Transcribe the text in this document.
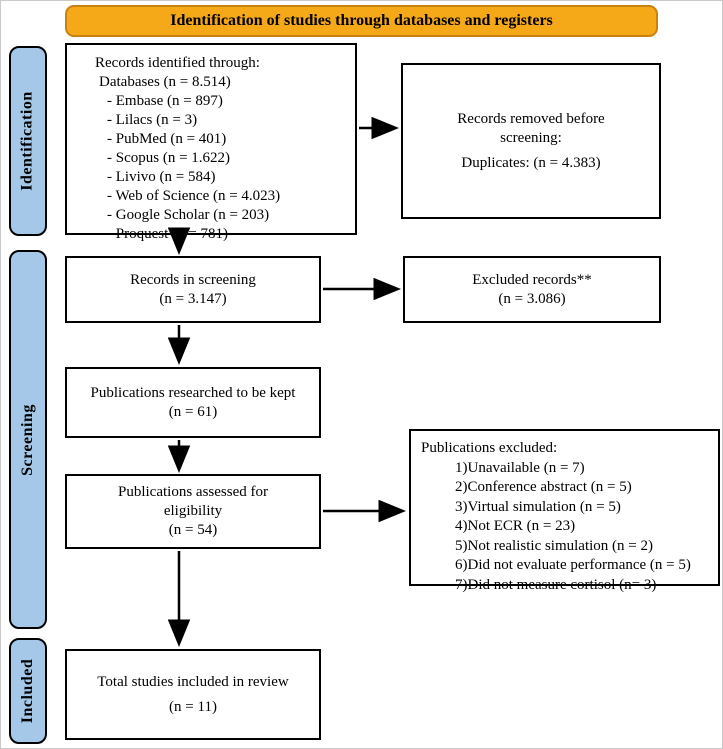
Identification of studies through databases and registers
Identification
Screening
Included
Records identified through:
Databases (n = 8.514)
- Embase (n = 897)
- Lilacs (n = 3)
- PubMed (n = 401)
- Scopus (n = 1.622)
- Livivo (n = 584)
- Web of Science (n = 4.023)
- Google Scholar (n = 203)
- Proquest (n = 781)
Records removed before screening:
Duplicates: (n = 4.383)
Records in screening
(n = 3.147)
Excluded records**
(n = 3.086)
Publications researched to be kept
(n = 61)
Publications assessed for eligibility
(n = 54)
Publications excluded:
1)Unavailable (n = 7)
2)Conference abstract (n = 5)
3)Virtual simulation (n = 5)
4)Not ECR (n = 23)
5)Not realistic simulation (n = 2)
6)Did not evaluate performance (n = 5)
7)Did not measure cortisol (n= 3)
Total studies included in review
(n = 11)
